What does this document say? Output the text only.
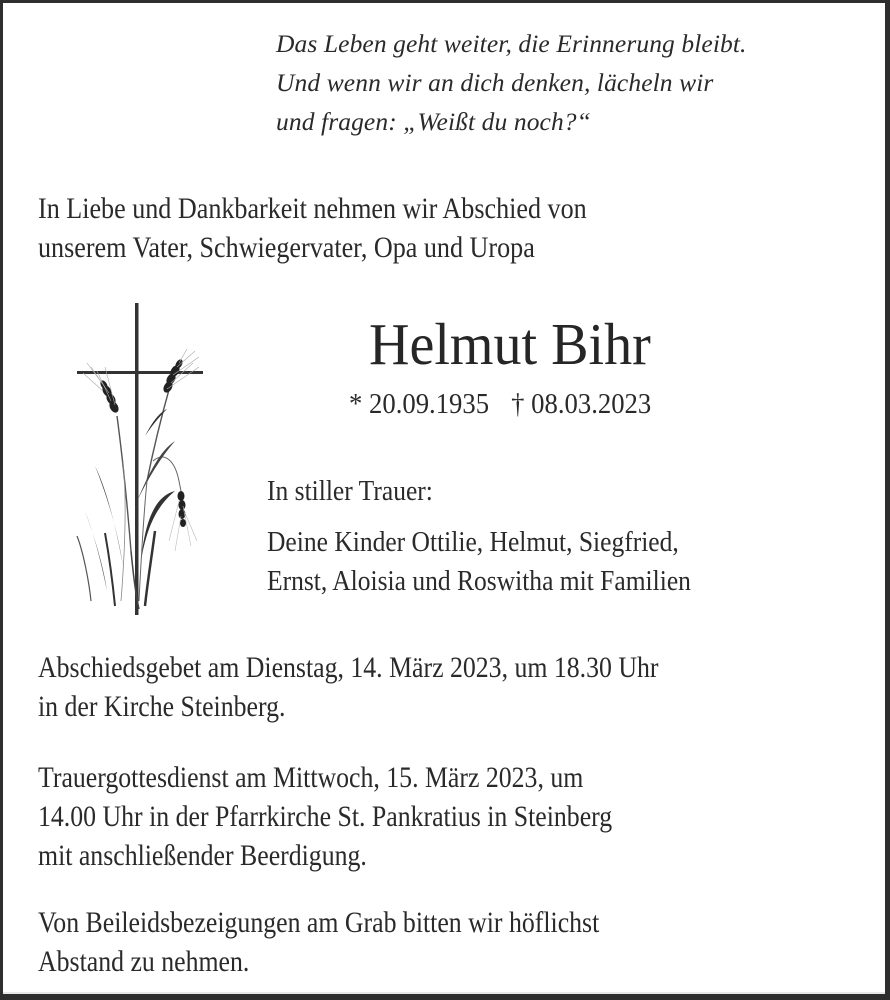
Das Leben geht weiter, die Erinnerung bleibt.
Und wenn wir an dich denken, lächeln wir
und fragen: „Weißt du noch?“
In Liebe und Dankbarkeit nehmen wir Abschied von
unserem Vater, Schwiegervater, Opa und Uropa
Helmut Bihr
* 20.09.1935 † 08.03.2023
In stiller Trauer:
Deine Kinder Ottilie, Helmut, Siegfried,
Ernst, Aloisia und Roswitha mit Familien
Abschiedsgebet am Dienstag, 14. März 2023, um 18.30 Uhr
in der Kirche Steinberg.
Trauergottesdienst am Mittwoch, 15. März 2023, um
14.00 Uhr in der Pfarrkirche St. Pankratius in Steinberg
mit anschließender Beerdigung.
Von Beileidsbezeigungen am Grab bitten wir höflichst
Abstand zu nehmen.
